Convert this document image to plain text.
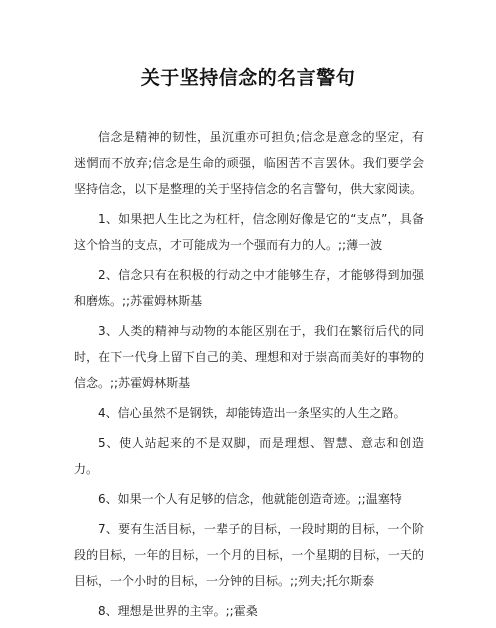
关于坚持信念的名言警句

信念是精神的韧性，虽沉重亦可担负;信念是意念的坚定，有迷惘而不放弃;信念是生命的顽强，临困苦不言罢休。我们要学会坚持信念，以下是整理的关于坚持信念的名言警句，供大家阅读。

1、如果把人生比之为杠杆，信念刚好像是它的“支点”，具备这个恰当的支点，才可能成为一个强而有力的人。;;薄一波

2、信念只有在积极的行动之中才能够生存，才能够得到加强和磨炼。;;苏霍姆林斯基

3、人类的精神与动物的本能区别在于，我们在繁衍后代的同时，在下一代身上留下自己的美、理想和对于崇高而美好的事物的信念。;;苏霍姆林斯基

4、信心虽然不是钢铁，却能铸造出一条坚实的人生之路。

5、使人站起来的不是双脚，而是理想、智慧、意志和创造力。

6、如果一个人有足够的信念，他就能创造奇迹。;;温塞特

7、要有生活目标，一辈子的目标，一段时期的目标，一个阶段的目标，一年的目标，一个月的目标，一个星期的目标，一天的目标，一个小时的目标，一分钟的目标。;;列夫;托尔斯泰

8、理想是世界的主宰。;;霍桑
